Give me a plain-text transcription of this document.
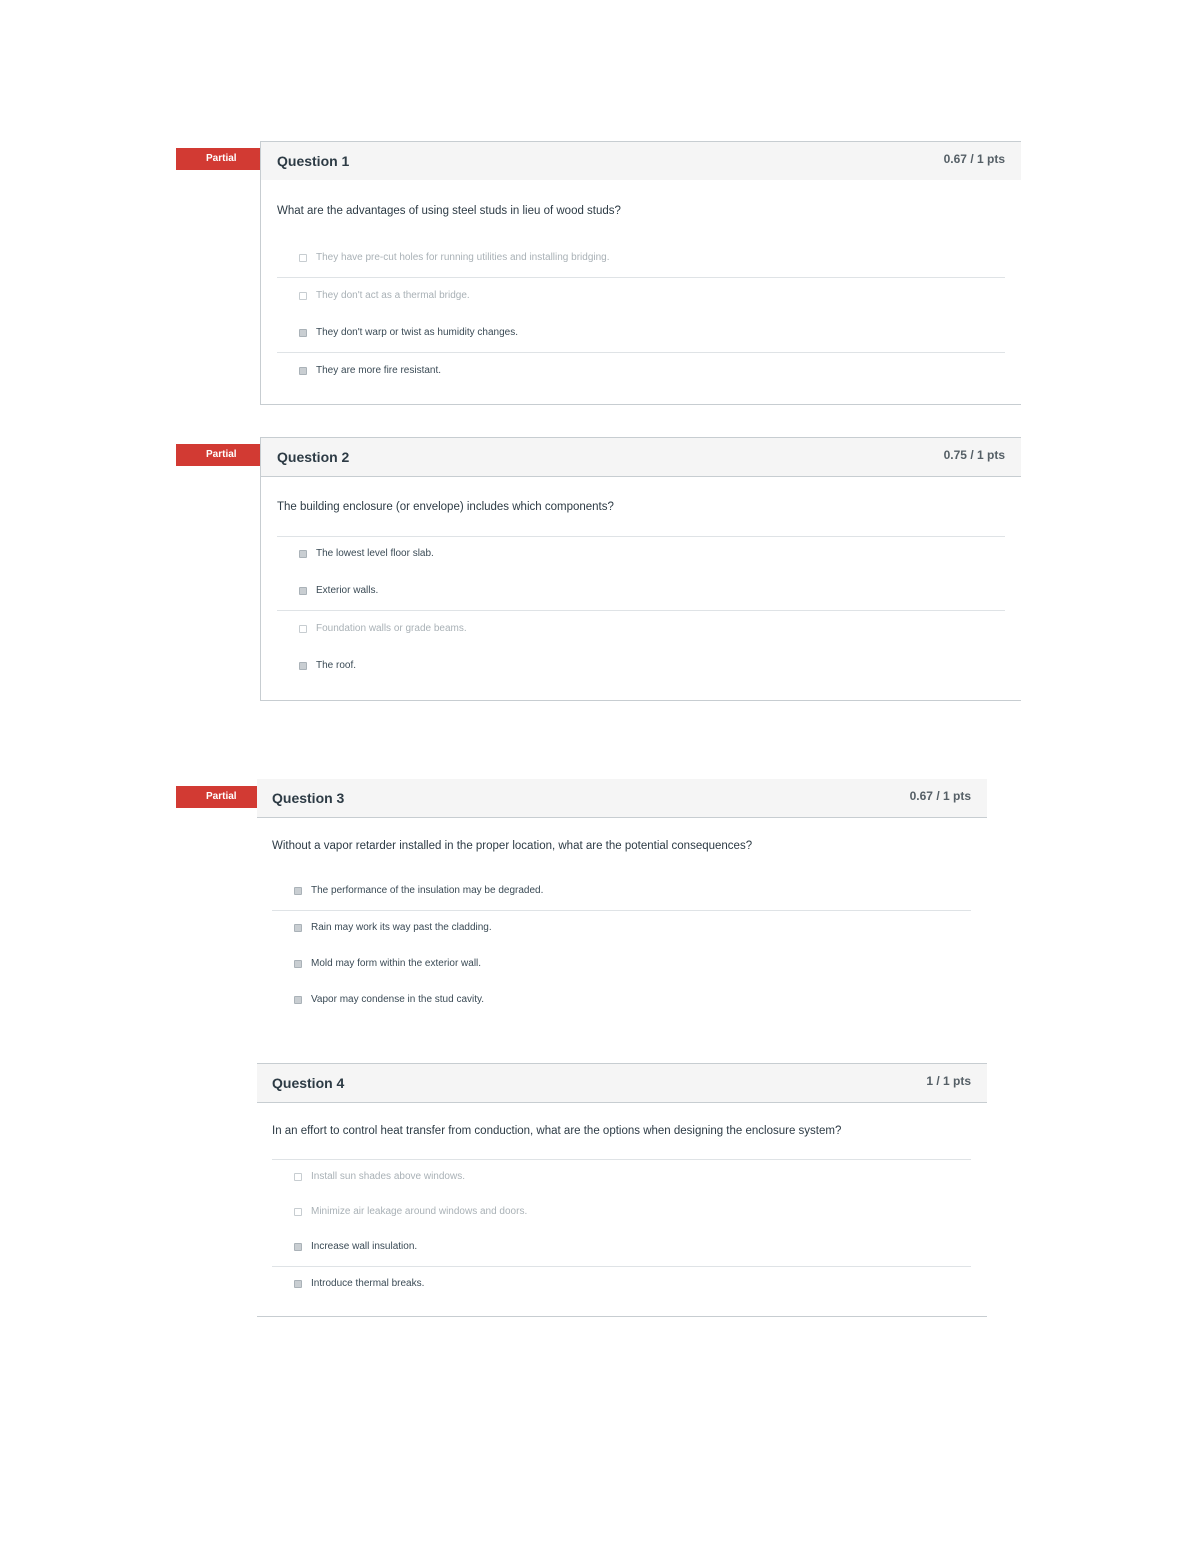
Partial	Question 1	0.67 / 1 pts
What are the advantages of using steel studs in lieu of wood studs?
They have pre-cut holes for running utilities and installing bridging.
They don't act as a thermal bridge.
They don't warp or twist as humidity changes.
They are more fire resistant.
Partial	Question 2	0.75 / 1 pts
The building enclosure (or envelope) includes which components?
The lowest level floor slab.
Exterior walls.
Foundation walls or grade beams.
The roof.
Partial	Question 3	0.67 / 1 pts
Without a vapor retarder installed in the proper location, what are the potential consequences?
The performance of the insulation may be degraded.
Rain may work its way past the cladding.
Mold may form within the exterior wall.
Vapor may condense in the stud cavity.
Question 4	1 / 1 pts
In an effort to control heat transfer from conduction, what are the options when designing the enclosure system?
Install sun shades above windows.
Minimize air leakage around windows and doors.
Increase wall insulation.
Introduce thermal breaks.
